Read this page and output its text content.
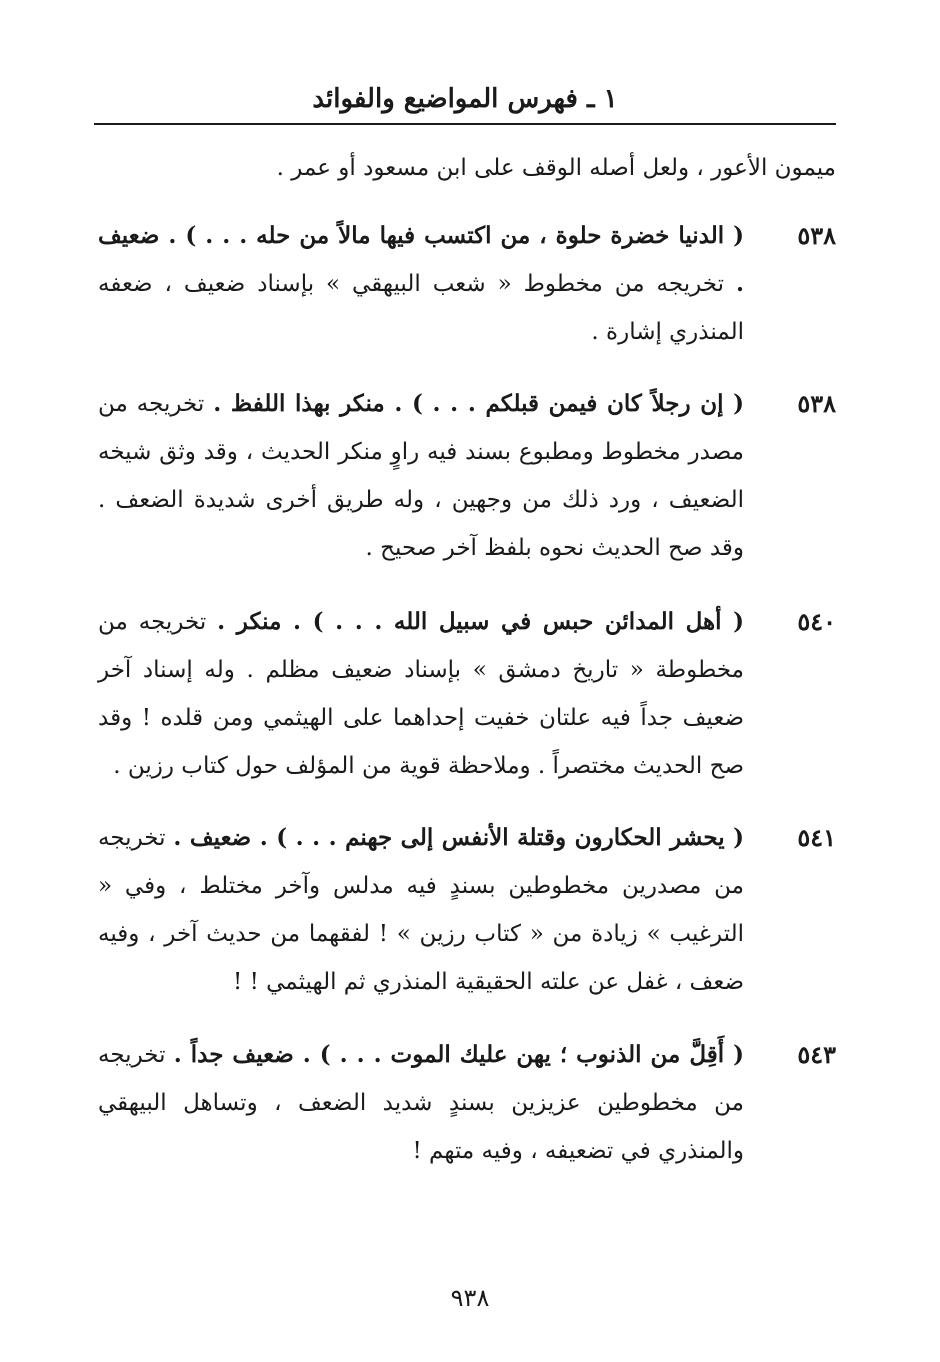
١ ـ فهرس المواضيع والفوائد
ميمون الأعور ، ولعل أصله الوقف على ابن مسعود أو عمر .
٥٣٨
( الدنيا خضرة حلوة ، من اكتسب فيها مالاً من حله . . . ) . ضعيف . تخريجه من مخطوط « شعب البيهقي » بإسناد ضعيف ، ضعفه المنذري إشارة .
٥٣٨
( إن رجلاً كان فيمن قبلكم . . . ) . منكر بهذا اللفظ . تخريجه من مصدر مخطوط ومطبوع بسند فيه راوٍ منكر الحديث ، وقد وثق شيخه الضعيف ، ورد ذلك من وجهين ، وله طريق أخرى شديدة الضعف . وقد صح الحديث نحوه بلفظ آخر صحيح .
٥٤٠
( أهل المدائن حبس في سبيل الله . . . ) . منكر . تخريجه من مخطوطة « تاريخ دمشق » بإسناد ضعيف مظلم . وله إسناد آخر ضعيف جداً فيه علتان خفيت إحداهما على الهيثمي ومن قلده ! وقد صح الحديث مختصراً . وملاحظة قوية من المؤلف حول كتاب رزين .
٥٤١
( يحشر الحكارون وقتلة الأنفس إلى جهنم . . . ) . ضعيف . تخريجه من مصدرين مخطوطين بسندٍ فيه مدلس وآخر مختلط ، وفي « الترغيب » زيادة من « كتاب رزين » ! لفقهما من حديث آخر ، وفيه ضعف ، غفل عن علته الحقيقية المنذري ثم الهيثمي ! !
٥٤٣
( أَقِلَّ من الذنوب ؛ يهن عليك الموت . . . ) . ضعيف جداً . تخريجه من مخطوطين عزيزين بسندٍ شديد الضعف ، وتساهل البيهقي والمنذري في تضعيفه ، وفيه متهم !
٩٣٨
